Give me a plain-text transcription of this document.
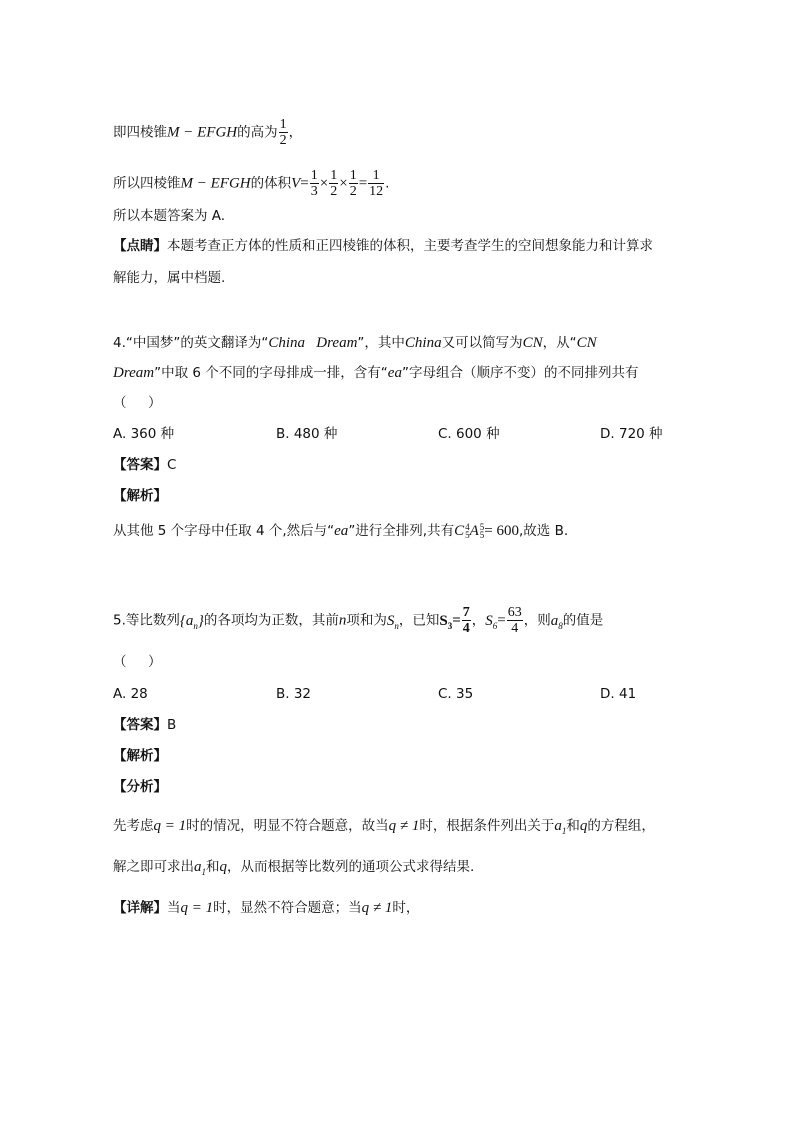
即四棱锥M − EFGH的高为 $\frac{1}{2}$ ，
所以四棱锥M − EFGH的体积$V= \frac{1}{3} \times \frac{1}{2} \times \frac{1}{2} = \frac{1}{12}$ .
所以本题答案为 A.
【点睛】本题考查正方体的性质和正四棱锥的体积，主要考查学生的空间想象能力和计算求
解能力，属中档题.
4.“中国梦”的英文翻译为“China   Dream”，其中China又可以简写为CN，从“CN
Dream”中取 6 个不同的字母排成一排，含有“ea”字母组合（顺序不变）的不同排列共有
（     ）
A. 360 种	B. 480 种	C. 600 种	D. 720 种
【答案】C
【解析】
从其他 5 个字母中任取 4 个,然后与“ea”进行全排列,共有C 4
5 A 5
5 = 600,故选 B.
5.等比数列$\{a_n\}$的各项均为正数，其前n项和为$S_n$，已知$S_3= \frac{7}{4}$ ，$S_6= \frac{63}{4}$ ，则$a_8$的值是
（     ）
A. 28	B. 32	C. 35	D. 41
【答案】B
【解析】
【分析】
先考虑q = 1时的情况，明显不符合题意，故当q ≠ 1时，根据条件列出关于$a_1$和q的方程组，
解之即可求出$a_1$和q，从而根据等比数列的通项公式求得结果.
【详解】当q = 1时，显然不符合题意；当q ≠ 1时，
